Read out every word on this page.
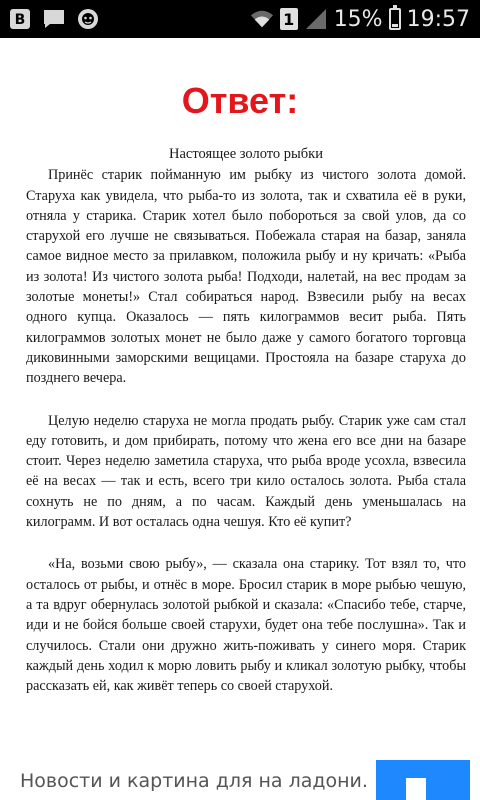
B	1 15% 19:57
Ответ:
Настоящее золото рыбки

Принёс старик пойманную им рыбку из чистого золота домой. Старуха как увидела, что рыба-то из золота, так и схватила её в руки, отняла у старика. Старик хотел было побороться за свой улов, да со старухой его лучше не связываться. Побежала старая на базар, заняла самое видное место за прилавком, положила рыбу и ну кричать: «Рыба из золота! Из чистого золота рыба! Подходи, налетай, на вес продам за золотые монеты!» Стал собираться народ. Взвесили рыбу на весах одного купца. Оказалось — пять килограммов весит рыба. Пять килограммов золотых монет не было даже у самого богатого торговца диковинными заморскими вещицами. Простояла на базаре старуха до позднего вечера.

Целую неделю старуха не могла продать рыбу. Старик уже сам стал еду готовить, и дом прибирать, потому что жена его все дни на базаре стоит. Через неделю заметила старуха, что рыба вроде усохла, взвесила её на весах — так и есть, всего три кило осталось золота. Рыба стала сохнуть не по дням, а по часам. Каждый день уменьшалась на килограмм. И вот осталась одна чешуя. Кто её купит?

«На, возьми свою рыбу», — сказала она старику. Тот взял то, что осталось от рыбы, и отнёс в море. Бросил старик в море рыбью чешую, а та вдруг обернулась золотой рыбкой и сказала: «Спасибо тебе, старче, иди и не бойся больше своей старухи, будет она тебе послушна». Так и случилось. Стали они дружно жить-поживать у синего моря. Старик каждый день ходил к морю ловить рыбу и кликал золотую рыбку, чтобы рассказать ей, как живёт теперь со своей старухой.

Новости и картина для на ладони.
